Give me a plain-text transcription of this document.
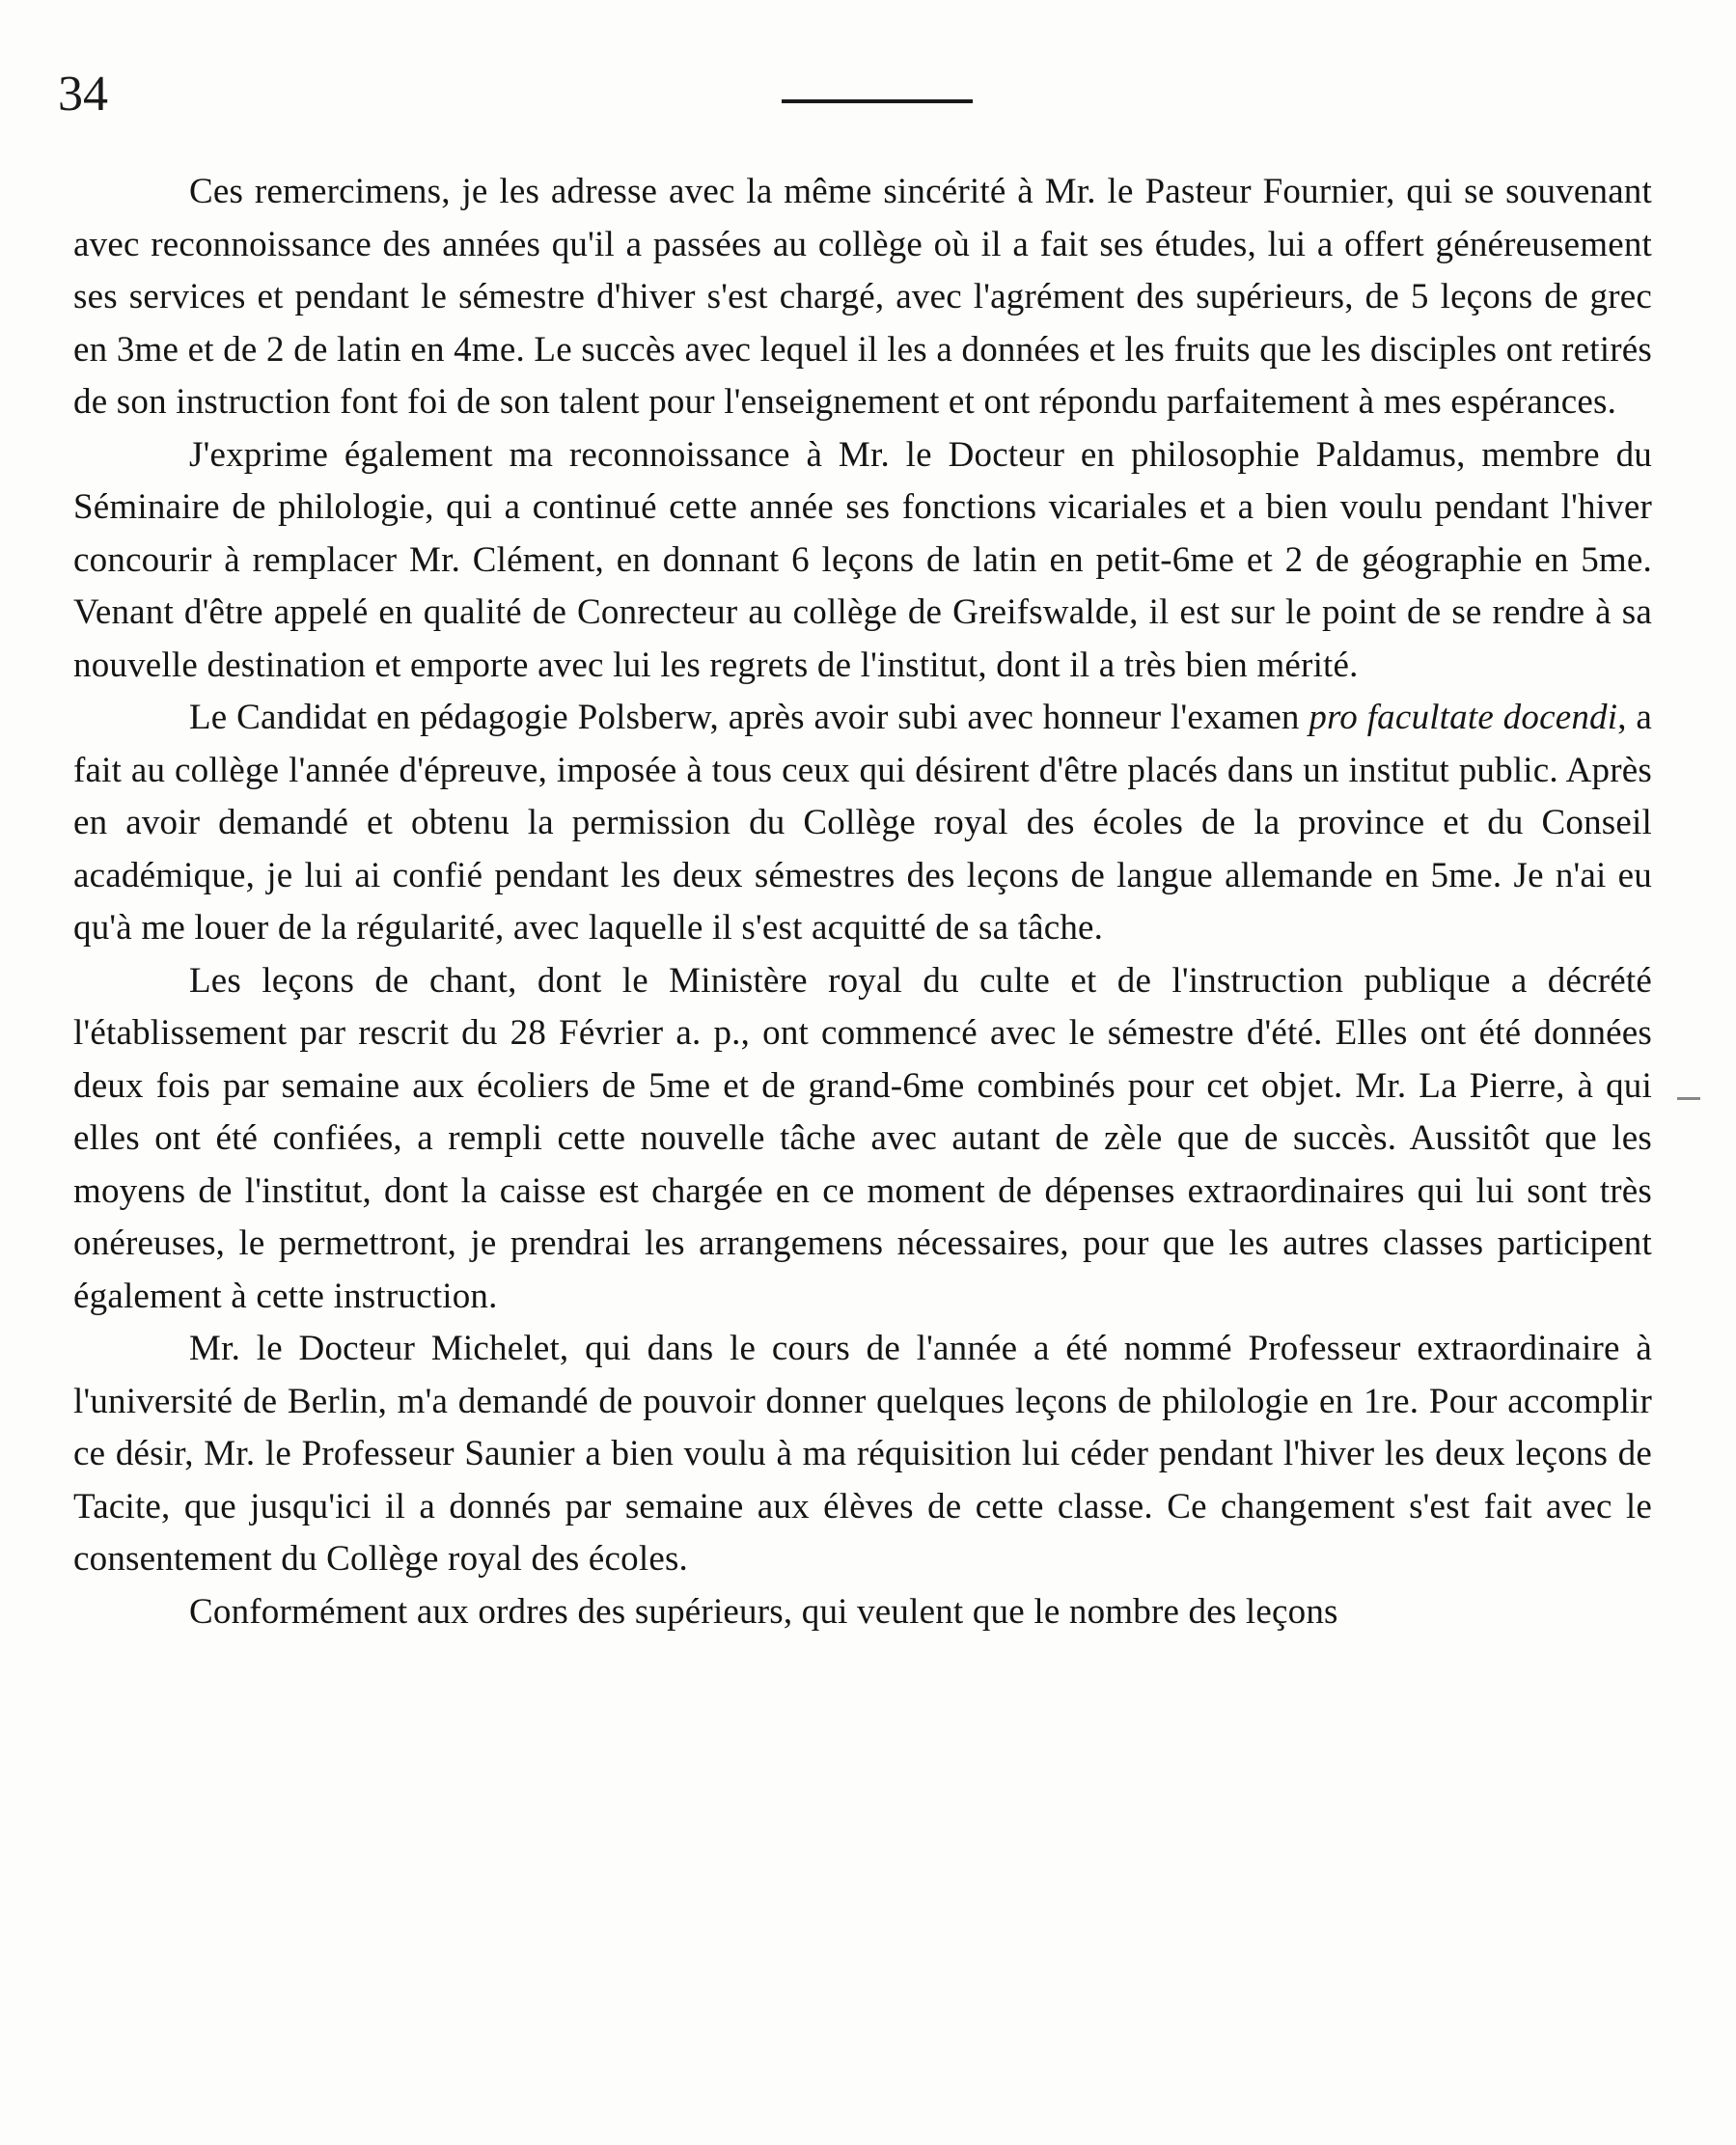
34

Ces remercimens, je les adresse avec la même sincérité à Mr. le Pasteur Fournier, qui se souvenant avec reconnoissance des années qu'il a passées au collège où il a fait ses études, lui a offert généreusement ses services et pendant le sémestre d'hiver s'est chargé, avec l'agrément des supérieurs, de 5 leçons de grec en 3me et de 2 de latin en 4me. Le succès avec lequel il les a données et les fruits que les disciples ont retirés de son instruction font foi de son talent pour l'enseignement et ont répondu parfaitement à mes espérances.

J'exprime également ma reconnoissance à Mr. le Docteur en philosophie Paldamus, membre du Séminaire de philologie, qui a continué cette année ses fonctions vicariales et a bien voulu pendant l'hiver concourir à remplacer Mr. Clément, en donnant 6 leçons de latin en petit-6me et 2 de géographie en 5me. Venant d'être appelé en qualité de Conrecteur au collège de Greifswalde, il est sur le point de se rendre à sa nouvelle destination et emporte avec lui les regrets de l'institut, dont il a très bien mérité.

Le Candidat en pédagogie Polsberw, après avoir subi avec honneur l'examen pro facultate docendi, a fait au collège l'année d'épreuve, imposée à tous ceux qui désirent d'être placés dans un institut public. Après en avoir demandé et obtenu la permission du Collège royal des écoles de la province et du Conseil académique, je lui ai confié pendant les deux sémestres des leçons de langue allemande en 5me. Je n'ai eu qu'à me louer de la régularité, avec laquelle il s'est acquitté de sa tâche.

Les leçons de chant, dont le Ministère royal du culte et de l'instruction publique a décrété l'établissement par rescrit du 28 Février a. p., ont commencé avec le sémestre d'été. Elles ont été données deux fois par semaine aux écoliers de 5me et de grand-6me combinés pour cet objet. Mr. La Pierre, à qui elles ont été confiées, a rempli cette nouvelle tâche avec autant de zèle que de succès. Aussitôt que les moyens de l'institut, dont la caisse est chargée en ce moment de dépenses extraordinaires qui lui sont très onéreuses, le permettront, je prendrai les arrangemens nécessaires, pour que les autres classes participent également à cette instruction.

Mr. le Docteur Michelet, qui dans le cours de l'année a été nommé Professeur extraordinaire à l'université de Berlin, m'a demandé de pouvoir donner quelques leçons de philologie en 1re. Pour accomplir ce désir, Mr. le Professeur Saunier a bien voulu à ma réquisition lui céder pendant l'hiver les deux leçons de Tacite, que jusqu'ici il a donnés par semaine aux élèves de cette classe. Ce changement s'est fait avec le consentement du Collège royal des écoles.

Conformément aux ordres des supérieurs, qui veulent que le nombre des leçons
